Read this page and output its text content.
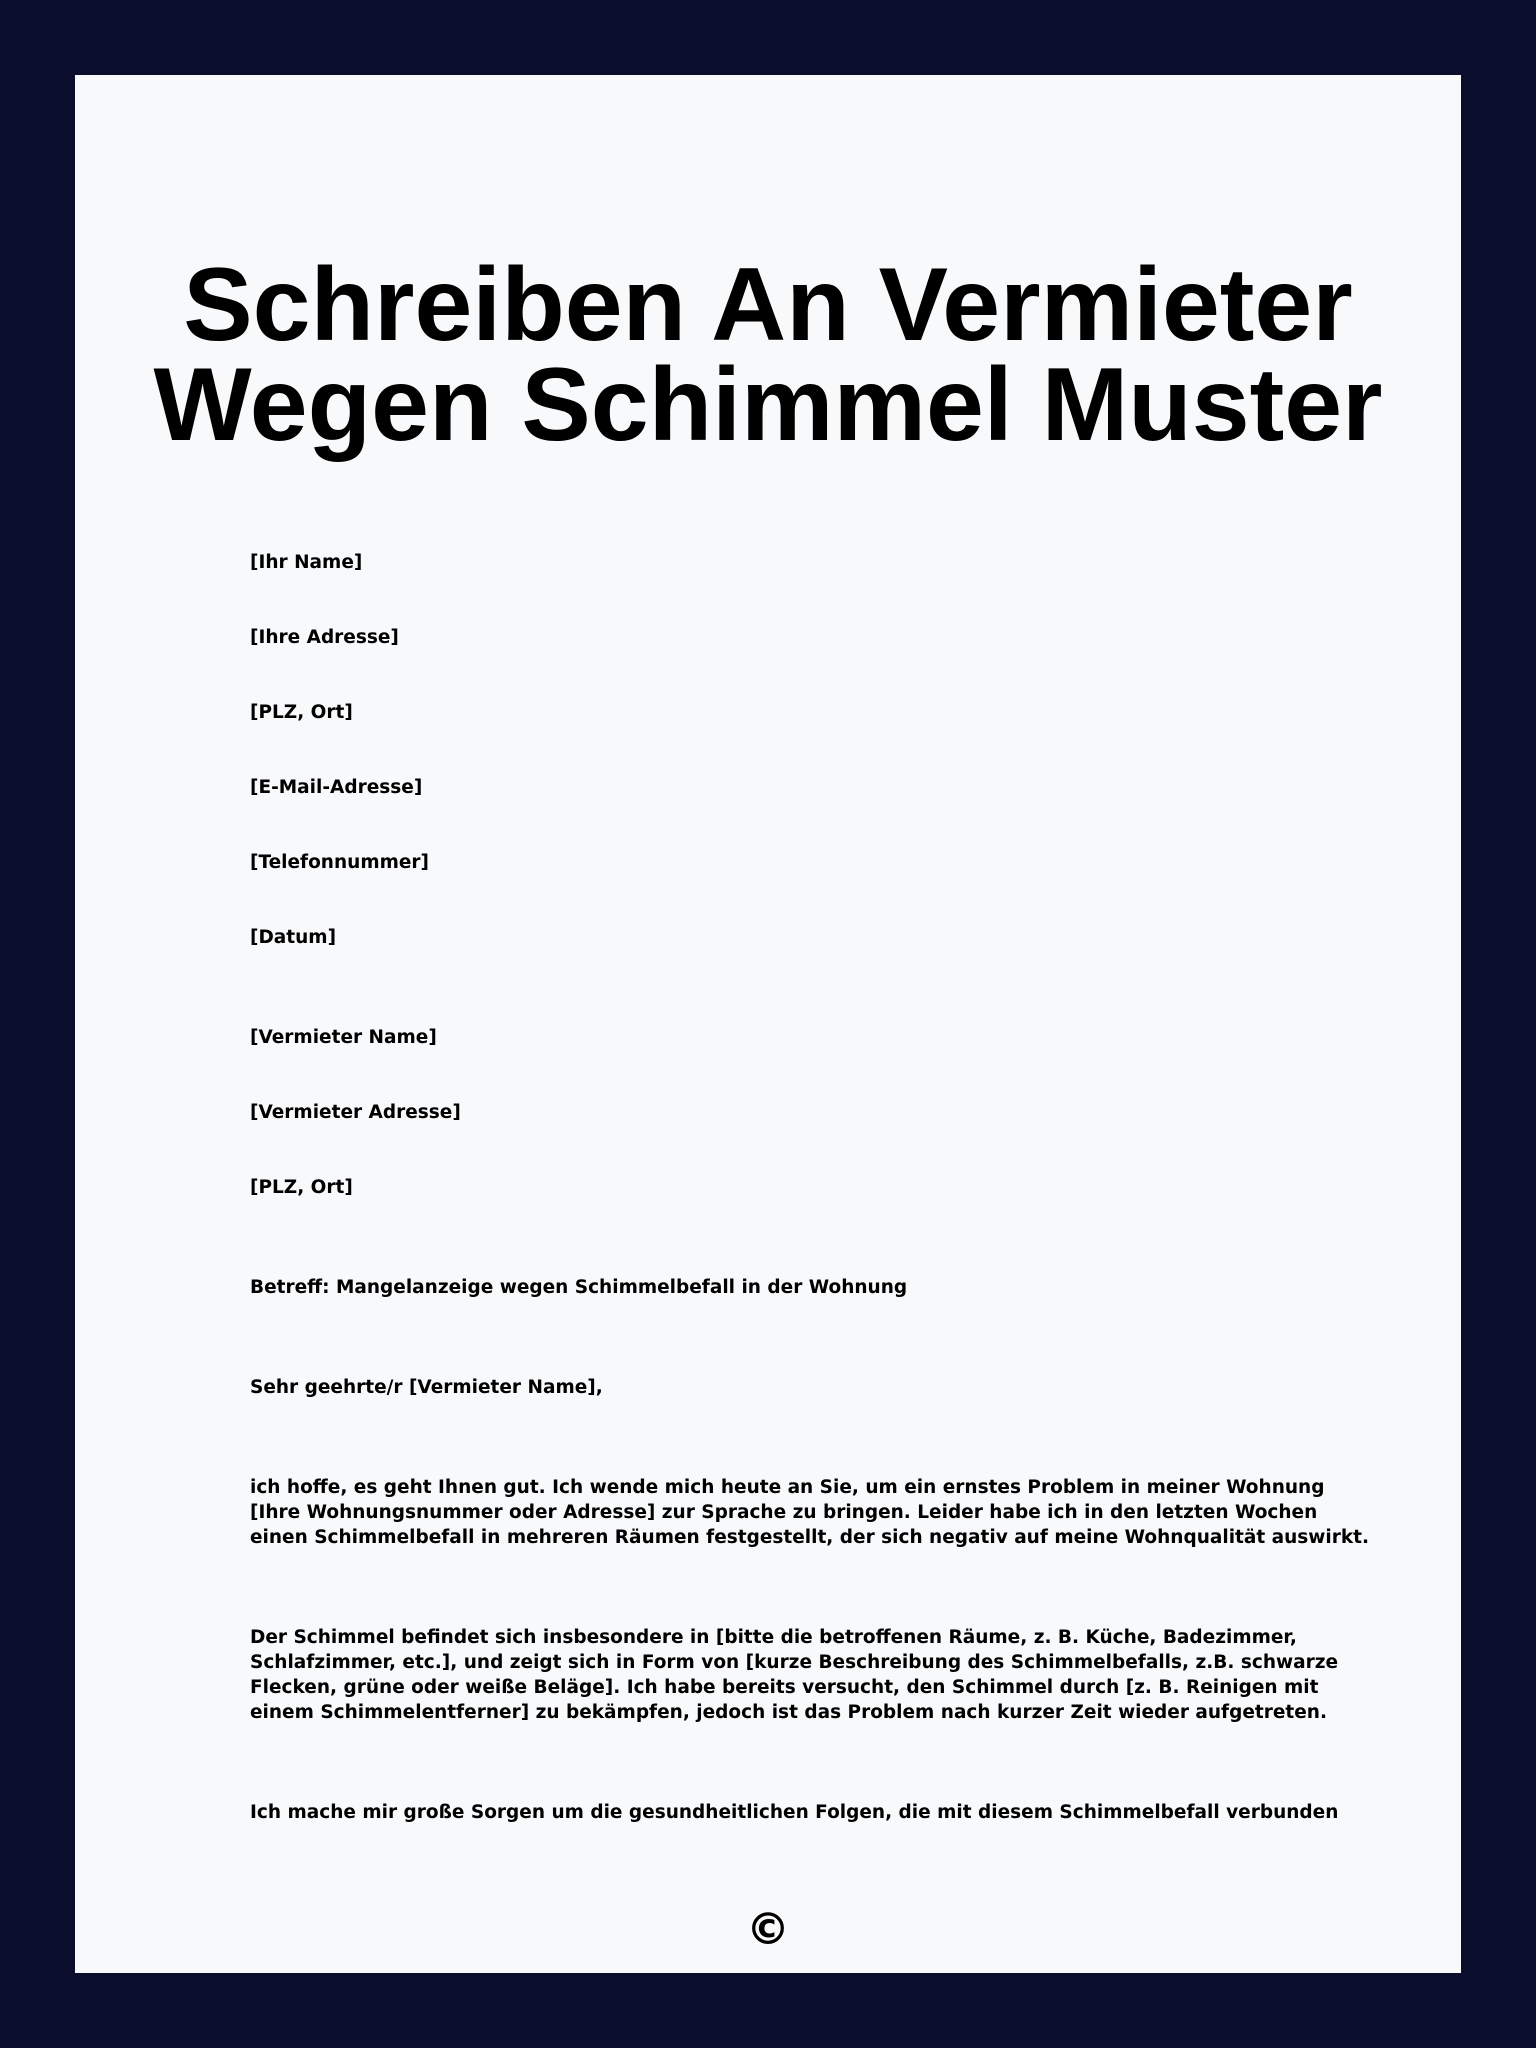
Schreiben An Vermieter
Wegen Schimmel Muster

[Ihr Name]

[Ihre Adresse]

[PLZ, Ort]

[E-Mail-Adresse]

[Telefonnummer]

[Datum]

[Vermieter Name]

[Vermieter Adresse]

[PLZ, Ort]

Betreff: Mangelanzeige wegen Schimmelbefall in der Wohnung

Sehr geehrte/r [Vermieter Name],

ich hoffe, es geht Ihnen gut. Ich wende mich heute an Sie, um ein ernstes Problem in meiner Wohnung
[Ihre Wohnungsnummer oder Adresse] zur Sprache zu bringen. Leider habe ich in den letzten Wochen
einen Schimmelbefall in mehreren Räumen festgestellt, der sich negativ auf meine Wohnqualität auswirkt.
Der Schimmel befindet sich insbesondere in [bitte die betroffenen Räume, z. B. Küche, Badezimmer,
Schlafzimmer, etc.], und zeigt sich in Form von [kurze Beschreibung des Schimmelbefalls, z.B. schwarze
Flecken, grüne oder weiße Beläge]. Ich habe bereits versucht, den Schimmel durch [z. B. Reinigen mit
einem Schimmelentferner] zu bekämpfen, jedoch ist das Problem nach kurzer Zeit wieder aufgetreten.
Ich mache mir große Sorgen um die gesundheitlichen Folgen, die mit diesem Schimmelbefall verbunden
©
